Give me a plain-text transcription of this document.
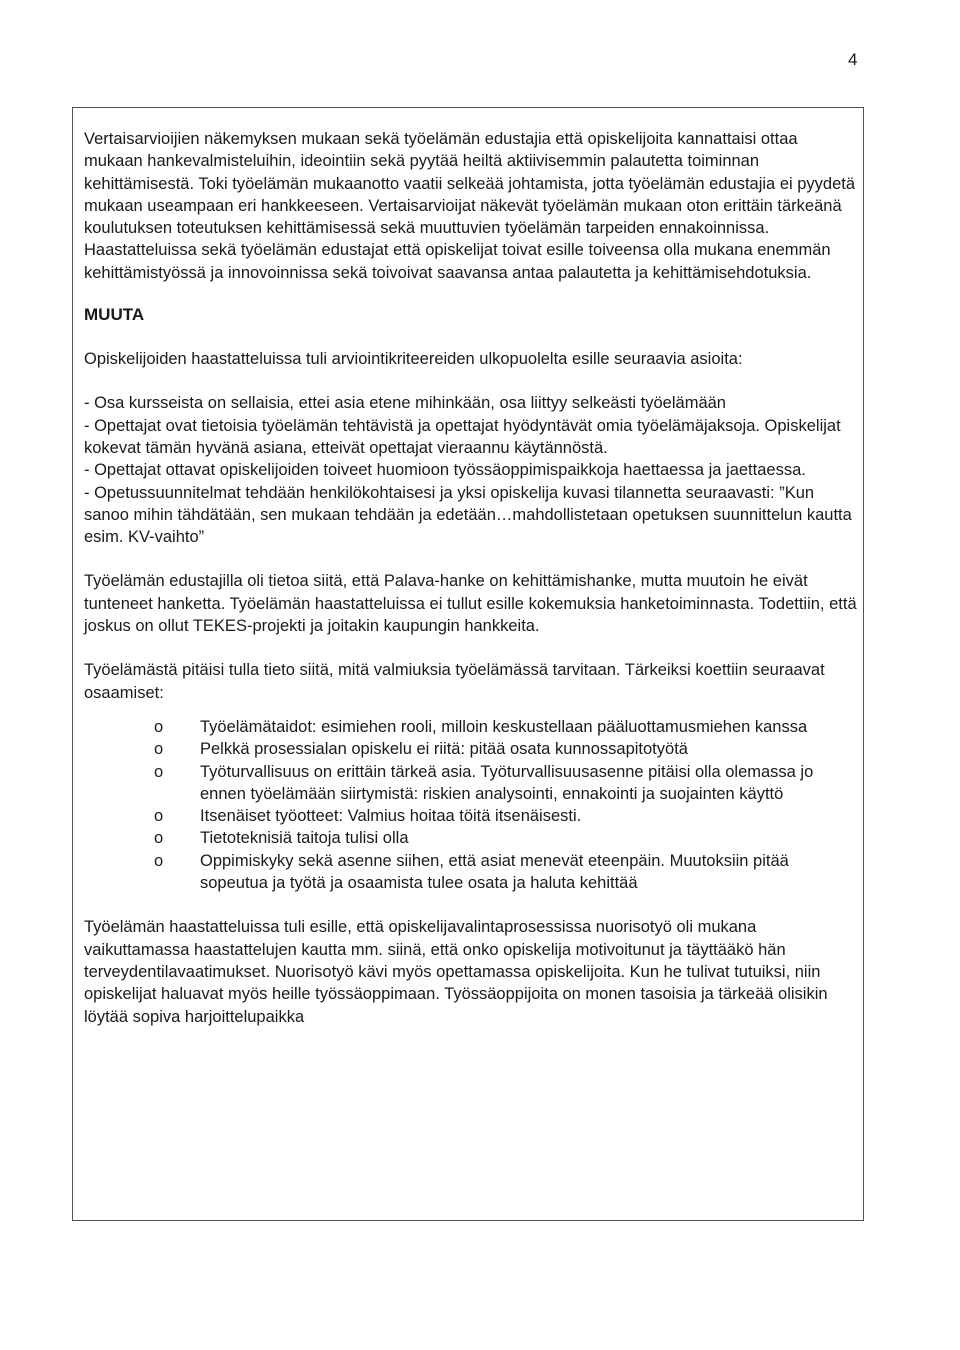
4

Vertaisarvioijien näkemyksen mukaan sekä työelämän edustajia että opiskelijoita kannattaisi ottaa mukaan hankevalmisteluihin, ideointiin sekä pyytää heiltä aktiivisemmin palautetta toiminnan kehittämisestä. Toki työelämän mukaanotto vaatii selkeää johtamista, jotta työelämän edustajia ei pyydetä mukaan useampaan eri hankkeeseen. Vertaisarvioijat näkevät työelämän mukaan oton erittäin tärkeänä koulutuksen toteutuksen kehittämisessä sekä muuttuvien työelämän tarpeiden ennakoinnissa. Haastatteluissa sekä työelämän edustajat että opiskelijat toivat esille toiveensa olla mukana enemmän kehittämistyössä ja innovoinnissa sekä toivoivat saavansa antaa palautetta ja kehittämisehdotuksia.

MUUTA

Opiskelijoiden haastatteluissa tuli arviointikriteereiden ulkopuolelta esille seuraavia asioita:

- Osa kursseista on sellaisia, ettei asia etene mihinkään, osa liittyy selkeästi työelämään

- Opettajat ovat tietoisia työelämän tehtävistä ja opettajat hyödyntävät omia työelämäjaksoja. Opiskelijat kokevat tämän hyvänä asiana, etteivät opettajat vieraannu käytännöstä.

- Opettajat ottavat opiskelijoiden toiveet huomioon työssäoppimispaikkoja haettaessa ja jaettaessa.

- Opetussuunnitelmat tehdään henkilökohtaisesi ja yksi opiskelija kuvasi tilannetta seuraavasti: ”Kun sanoo mihin tähdätään, sen mukaan tehdään ja edetään…mahdollistetaan opetuksen suunnittelun kautta esim. KV-vaihto”

Työelämän edustajilla oli tietoa siitä, että Palava-hanke on kehittämishanke, mutta muutoin he eivät tunteneet hanketta. Työelämän haastatteluissa ei tullut esille kokemuksia hanketoiminnasta. Todettiin, että joskus on ollut TEKES-projekti ja joitakin kaupungin hankkeita.

Työelämästä pitäisi tulla tieto siitä, mitä valmiuksia työelämässä tarvitaan. Tärkeiksi koettiin seuraavat osaamiset:

o Työelämätaidot: esimiehen rooli, milloin keskustellaan pääluottamusmiehen kanssa
o Pelkkä prosessialan opiskelu ei riitä: pitää osata kunnossapitotyötä
o Työturvallisuus on erittäin tärkeä asia. Työturvallisuusasenne pitäisi olla olemassa jo ennen työelämään siirtymistä: riskien analysointi, ennakointi ja suojainten käyttö
o Itsenäiset työotteet: Valmius hoitaa töitä itsenäisesti.
o Tietoteknisiä taitoja tulisi olla
o Oppimiskyky sekä asenne siihen, että asiat menevät eteenpäin. Muutoksiin pitää sopeutua ja työtä ja osaamista tulee osata ja haluta kehittää

Työelämän haastatteluissa tuli esille, että opiskelijavalintaprosessissa nuorisotyö oli mukana vaikuttamassa haastattelujen kautta mm. siinä, että onko opiskelija motivoitunut ja täyttääkö hän terveydentilavaatimukset. Nuorisotyö kävi myös opettamassa opiskelijoita. Kun he tulivat tutuiksi, niin opiskelijat haluavat myös heille työssäoppimaan. Työssäoppijoita on monen tasoisia ja tärkeää olisikin löytää sopiva harjoittelupaikka
